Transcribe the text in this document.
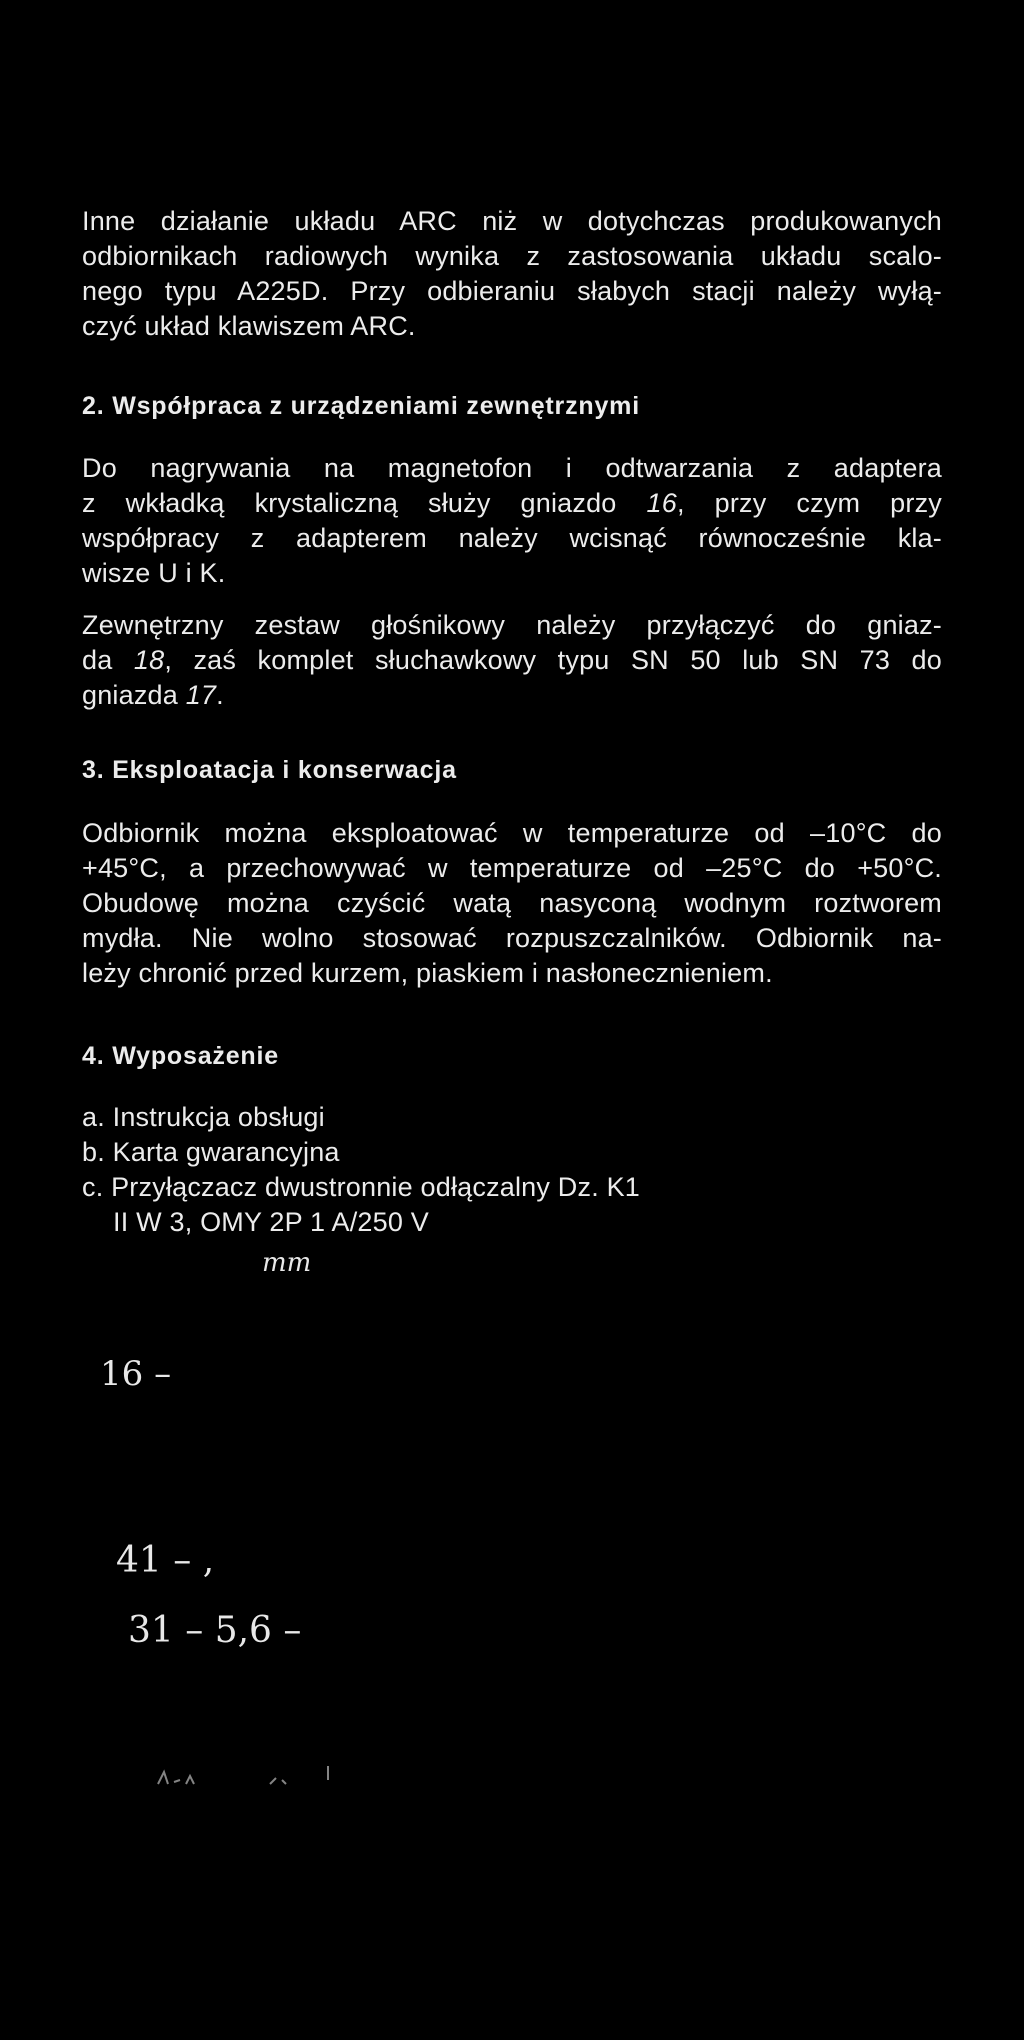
Inne działanie układu ARC niż w dotychczas produkowanych
odbiornikach radiowych wynika z zastosowania układu scalo-
nego typu A225D. Przy odbieraniu słabych stacji należy wyłą-
czyć układ klawiszem ARC.
2. Współpraca z urządzeniami zewnętrznymi
Do nagrywania na magnetofon i odtwarzania z adaptera
z wkładką krystaliczną służy gniazdo 16, przy czym przy
współpracy z adapterem należy wcisnąć równocześnie kla-
wisze U i K.
Zewnętrzny zestaw głośnikowy należy przyłączyć do gniaz-
da 18, zaś komplet słuchawkowy typu SN 50 lub SN 73 do
gniazda 17.
3. Eksploatacja i konserwacja
Odbiornik można eksploatować w temperaturze od –10°C do
+45°C, a przechowywać w temperaturze od –25°C do +50°C.
Obudowę można czyścić watą nasyconą wodnym roztworem
mydła. Nie wolno stosować rozpuszczalników. Odbiornik na-
leży chronić przed kurzem, piaskiem i nasłonecznieniem.
4. Wyposażenie
a. Instrukcja obsługi
b. Karta gwarancyjna
c. Przyłączacz dwustronnie odłączalny Dz. K1
II W 3, OMY 2P 1 A/250 V
mm
16 –
41 – ,
31 – 5,6 –
